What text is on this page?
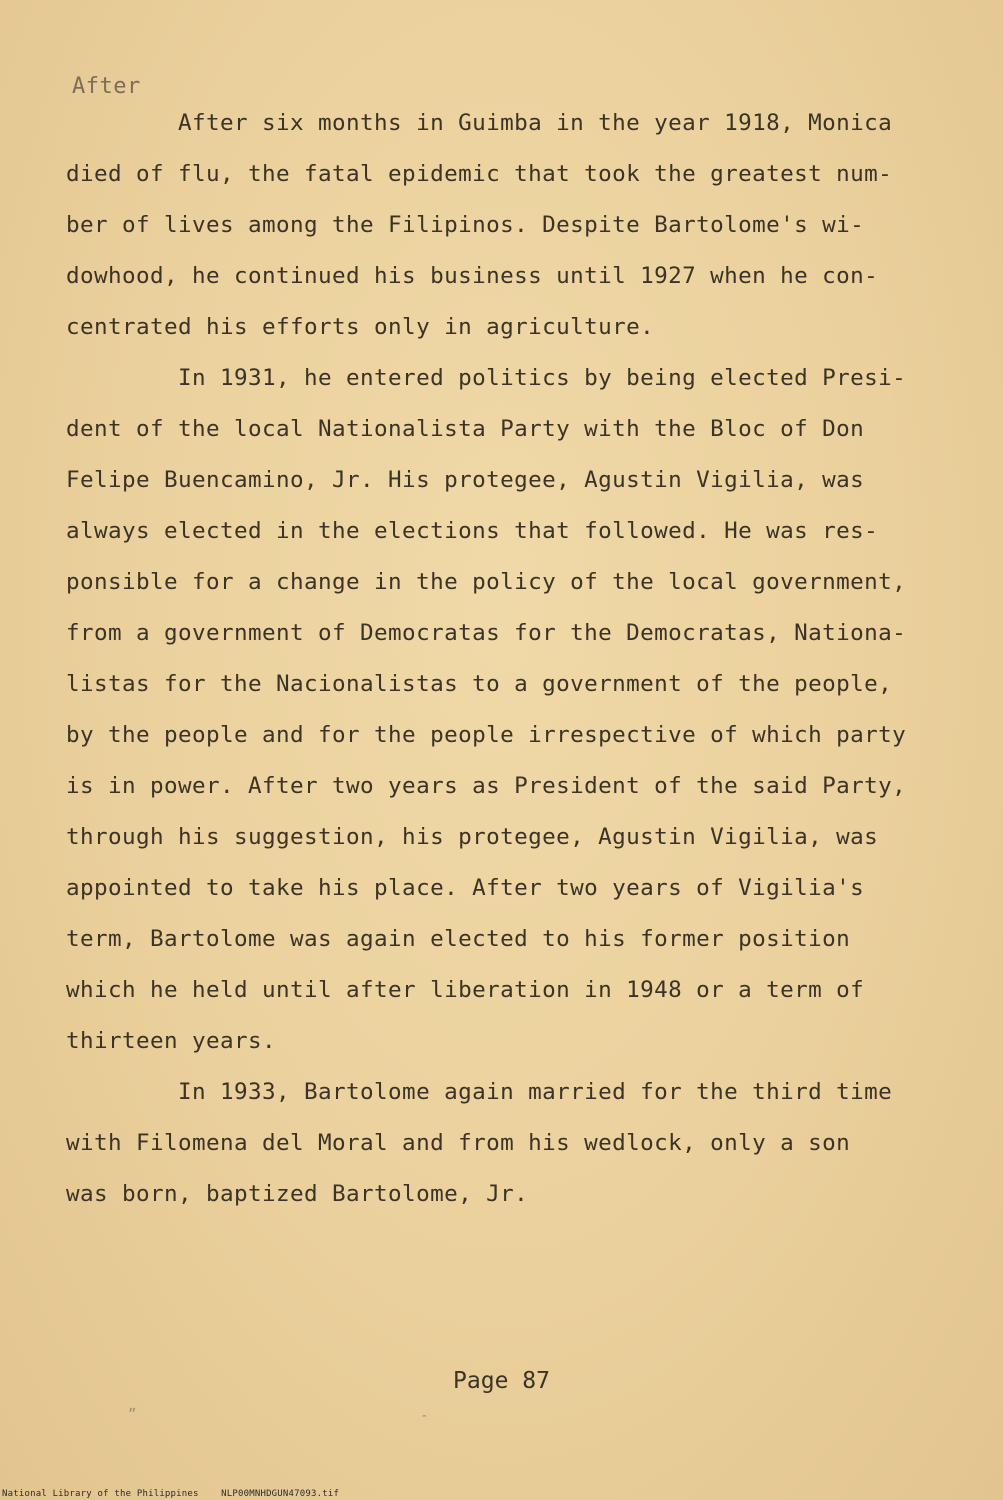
After
After six months in Guimba in the year 1918, Monica
died of flu, the fatal epidemic that took the greatest num-
ber of lives among the Filipinos. Despite Bartolome's wi-
dowhood, he continued his business until 1927 when he con-
centrated his efforts only in agriculture.
In 1931, he entered politics by being elected Presi-
dent of the local Nationalista Party with the Bloc of Don
Felipe Buencamino, Jr. His protegee, Agustin Vigilia, was
always elected in the elections that followed. He was res-
ponsible for a change in the policy of the local government,
from a government of Democratas for the Democratas, Nationa-
listas for the Nacionalistas to a government of the people,
by the people and for the people irrespective of which party
is in power. After two years as President of the said Party,
through his suggestion, his protegee, Agustin Vigilia, was
appointed to take his place. After two years of Vigilia's
term, Bartolome was again elected to his former position
which he held until after liberation in 1948 or a term of
thirteen years.
In 1933, Bartolome again married for the third time
with Filomena del Moral and from his wedlock, only a son
was born, baptized Bartolome, Jr.
Page 87
„
-
National Library of the Philippines    NLP00MNHDGUN47093.tif
